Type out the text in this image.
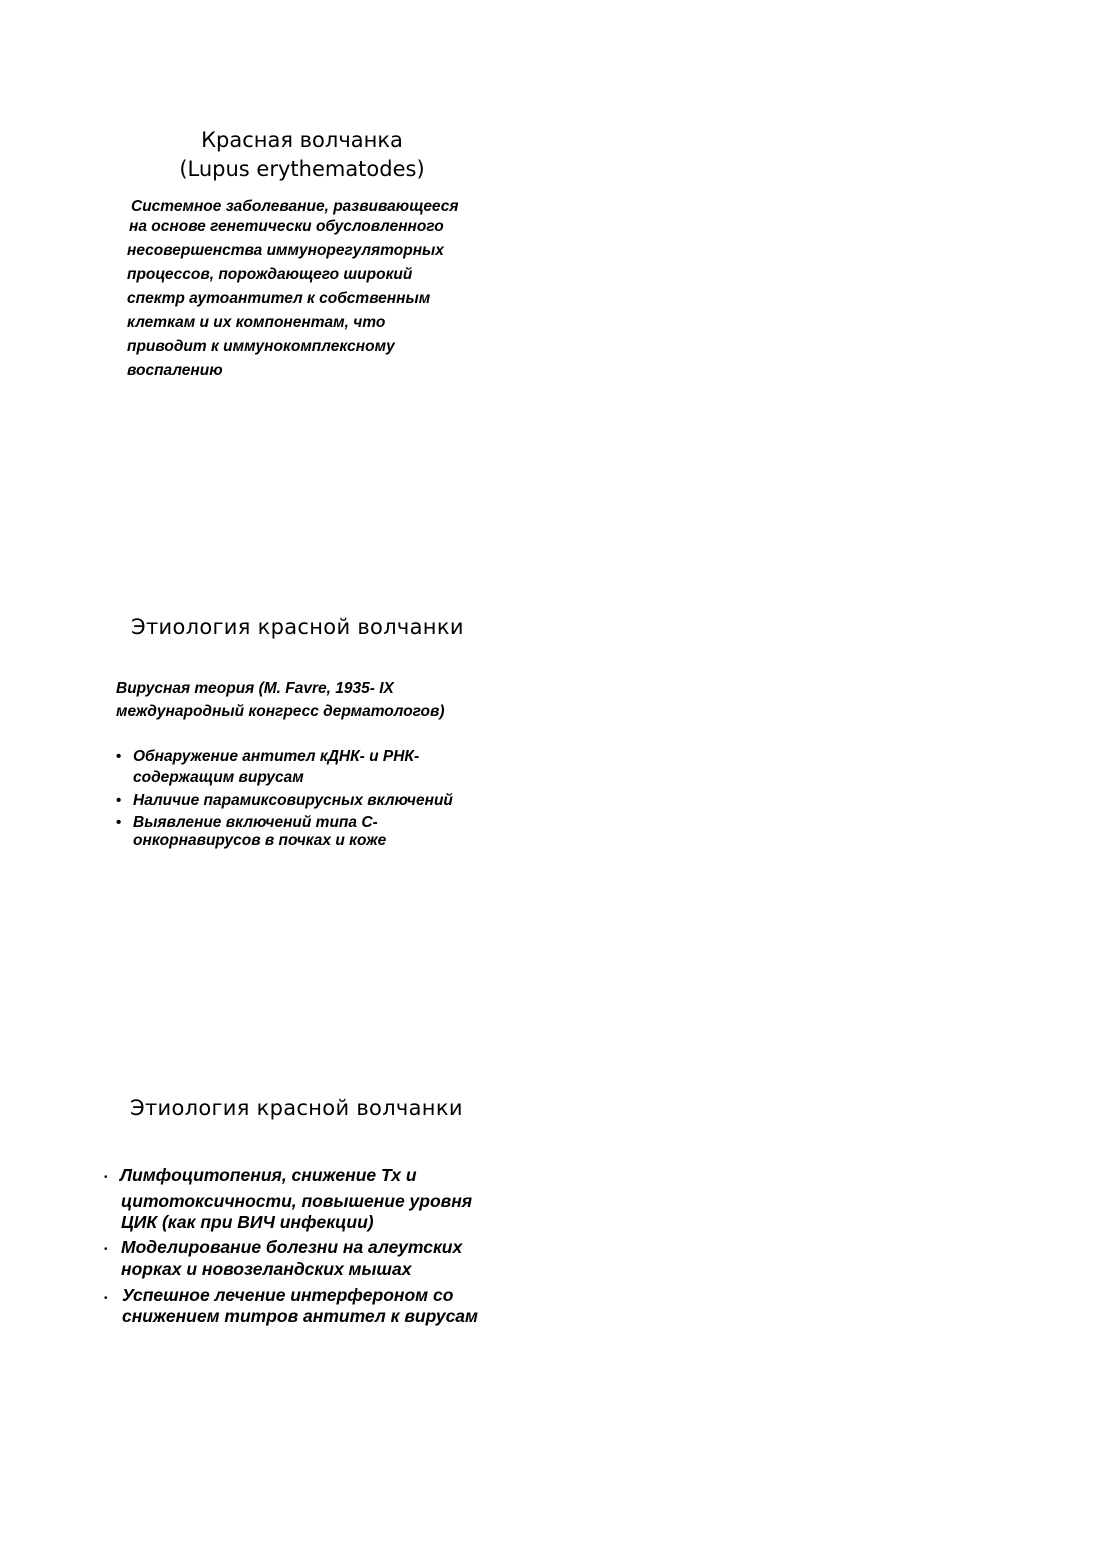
Красная волчанка
(Lupus erythematodes)
Системное заболевание, развивающееся
на основе генетически обусловленного
несовершенства иммунорегуляторных
процессов, порождающего широкий
спектр аутоантител к собственным
клеткам и их компонентам, что
приводит к иммунокомплексному
воспалению
Этиология красной волчанки
Вирусная теория (M. Favre, 1935- IX
международный конгресс дерматологов)
• Обнаружение антител кДНК- и РНК-
содержащим вирусам
• Наличие парамиксовирусных включений
• Выявление включений типа С-
онкорнавирусов в почках и коже
Этиология красной волчанки
• Лимфоцитопения, снижение Тх и
цитотоксичности, повышение уровня
ЦИК (как при ВИЧ инфекции)
• Моделирование болезни на алеутских
норках и новозеландских мышах
• Успешное лечение интерфероном со
снижением титров антител к вирусам
